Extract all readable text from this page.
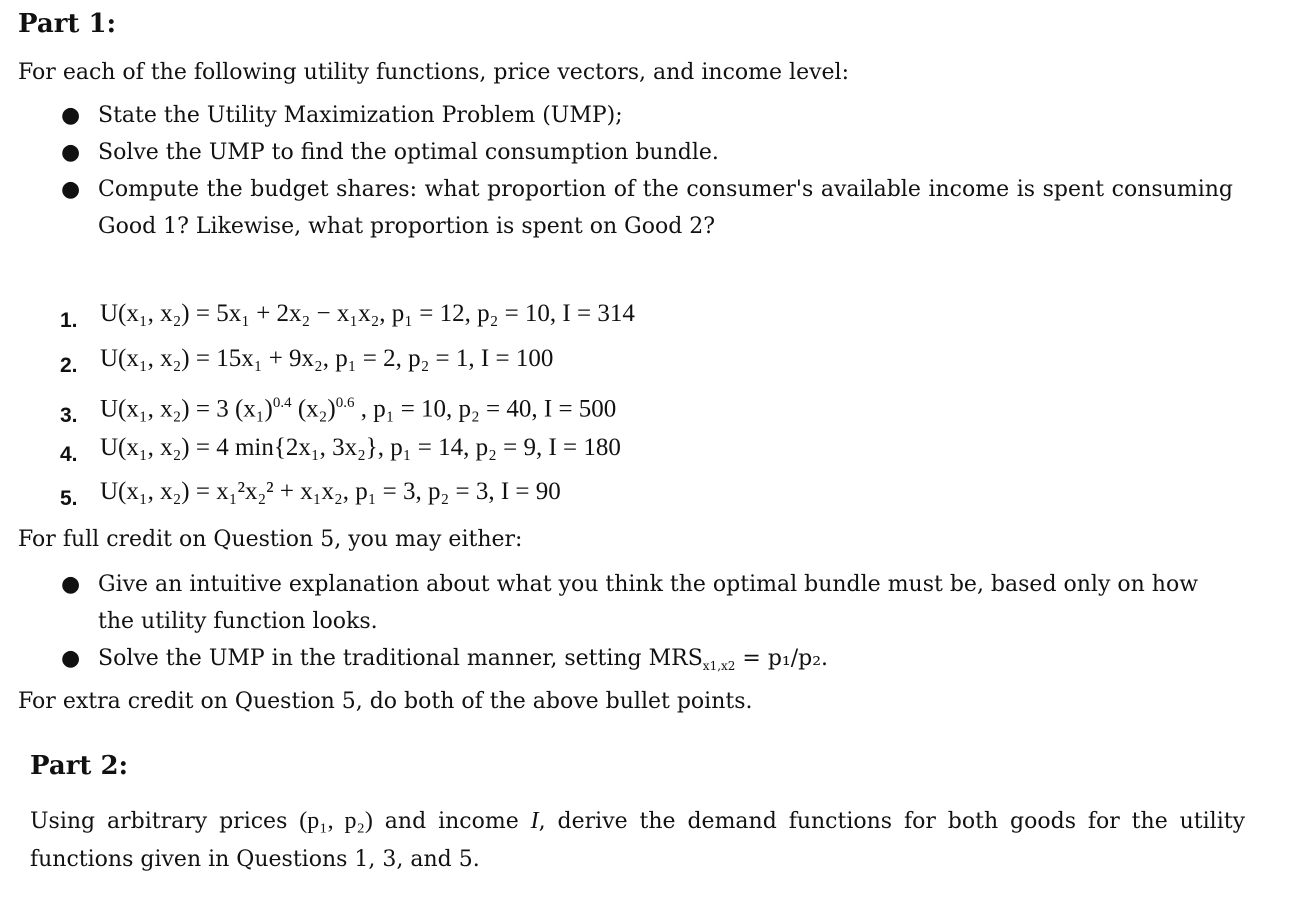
Part 1:

For each of the following utility functions, price vectors, and income level:

● State the Utility Maximization Problem (UMP);
● Solve the UMP to find the optimal consumption bundle.
● Compute the budget shares: what proportion of the consumer's available income is spent consuming Good 1? Likewise, what proportion is spent on Good 2?
1. U(x₁, x₂) = 5x₁ + 2x₂ − x₁x₂, p₁ = 12, p₂ = 10, I = 314
2. U(x₁, x₂) = 15x₁ + 9x₂, p₁ = 2, p₂ = 1, I = 100
3. U(x₁, x₂) = 3 $(x_1)^{0.4}$ $(x_2)^{0.6}$ , p₁ = 10, p₂ = 40, I = 500
4. U(x₁, x₂) = 4 min{2x₁, 3x₂}, p₁ = 14, p₂ = 9, I = 180
5. U(x₁, x₂) = x₁²x₂² + x₁x₂, p₁ = 3, p₂ = 3, I = 90

For full credit on Question 5, you may either:

● Give an intuitive explanation about what you think the optimal bundle must be, based only on how the utility function looks.
● Solve the UMP in the traditional manner, setting $MRS_{x1,x2} = p_1/p_2$.

For extra credit on Question 5, do both of the above bullet points.

Part 2:

Using arbitrary prices (p₁, p₂) and income I, derive the demand functions for both goods for the utility functions given in Questions 1, 3, and 5.
